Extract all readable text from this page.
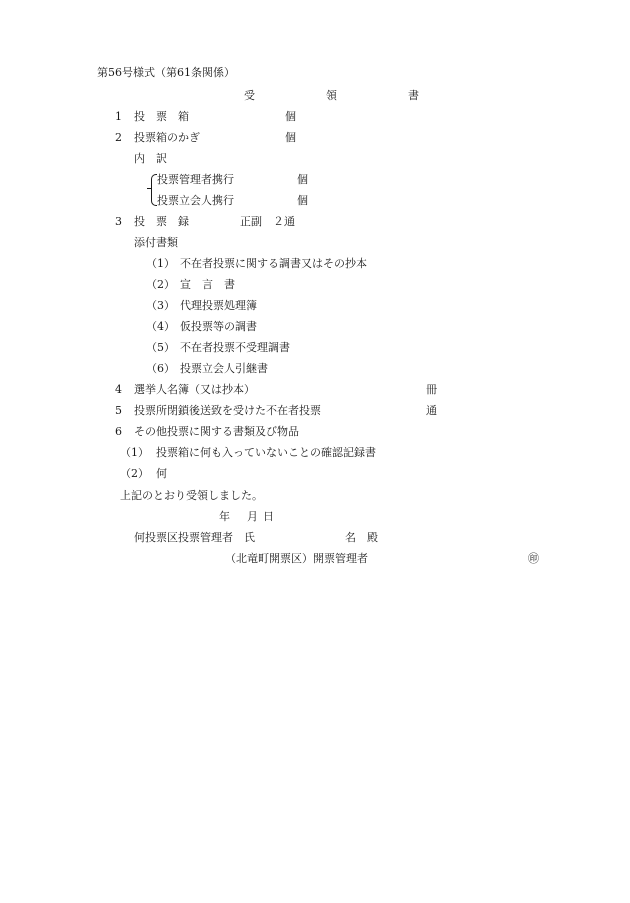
第56号様式（第61条関係）
受	領	書
1 投　票　箱	個
2 投票箱のかぎ	個
内　訳
投票管理者携行	個
投票立会人携行	個
3 投　票　録	正副　２通
添付書類
（1） 不在者投票に関する調書又はその抄本
（2） 宣　言　書
（3） 代理投票処理簿
（4） 仮投票等の調書
（5） 不在者投票不受理調書
（6） 投票立会人引継書
4 選挙人名簿（又は抄本）	冊
5 投票所閉鎖後送致を受けた不在者投票	通
6 その他投票に関する書類及び物品
（1） 投票箱に何も入っていないことの確認記録書
（2） 何
上記のとおり受領しました。
年 月 日
何投票区投票管理者　氏	名　殿
（北竜町開票区）開票管理者	㊞
